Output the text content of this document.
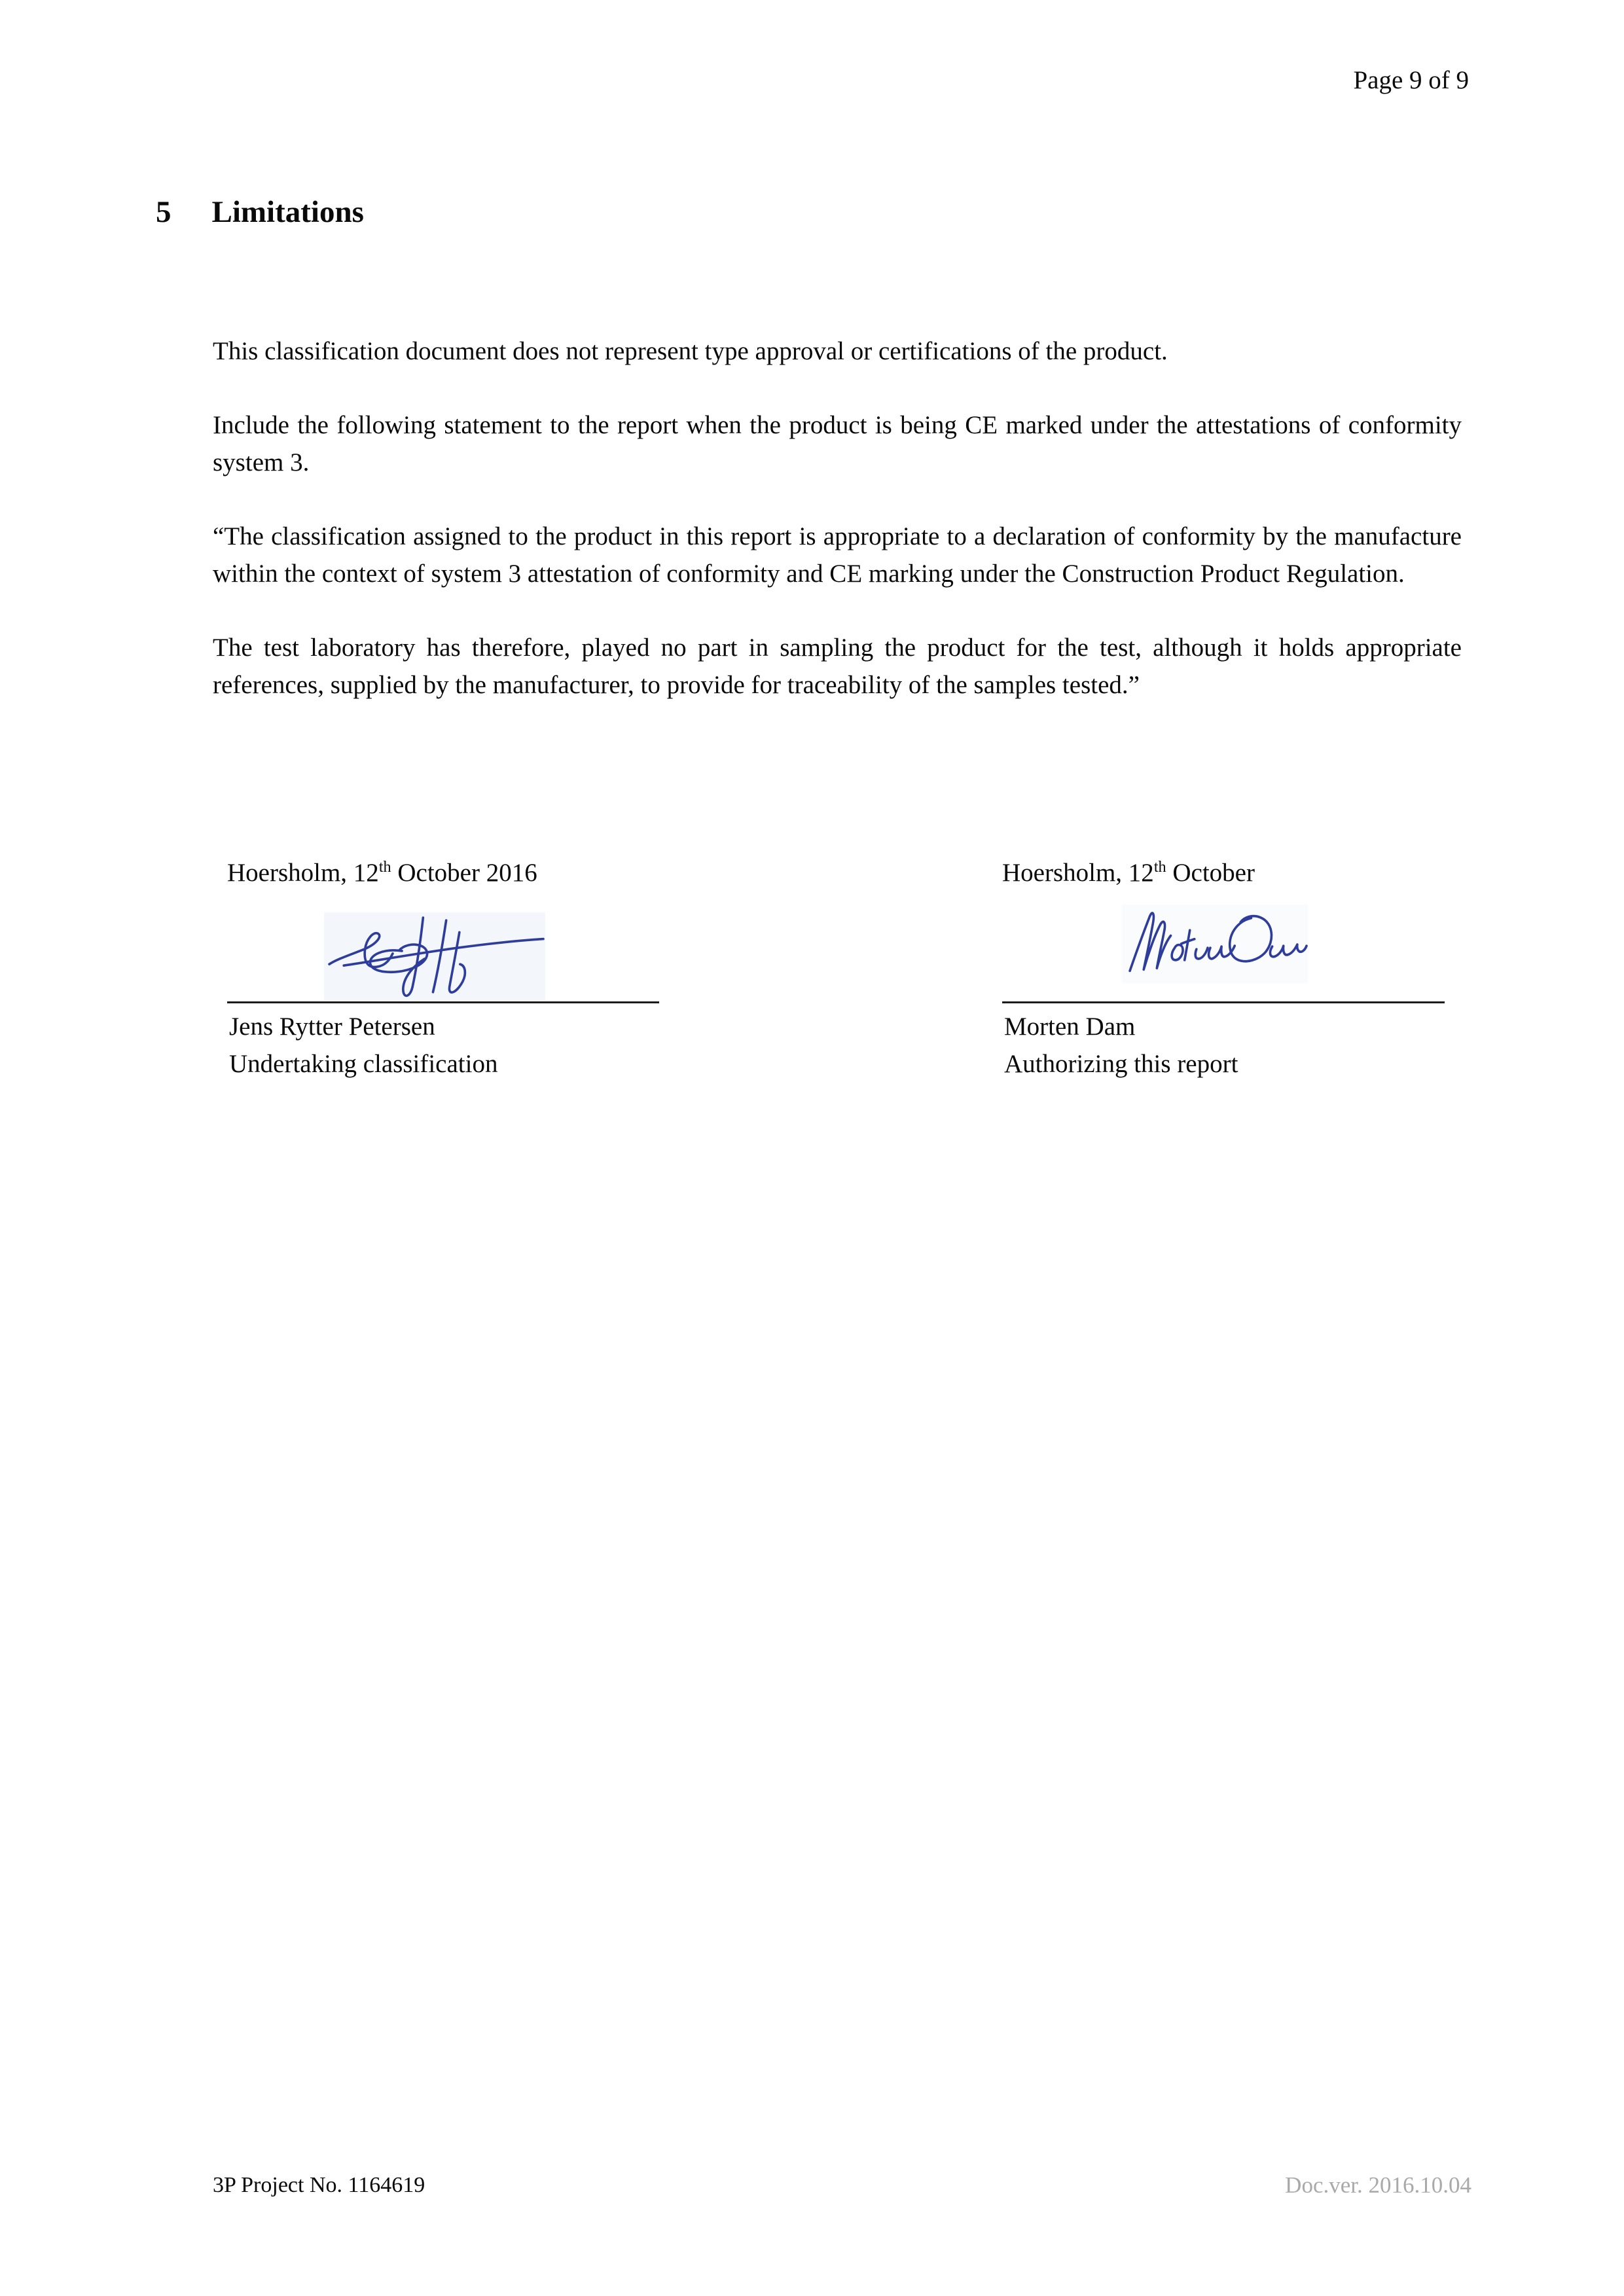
Page 9 of 9
5 Limitations

This classification document does not represent type approval or certifications of the product.

Include the following statement to the report when the product is being CE marked under the attestations of conformity system 3.

“The classification assigned to the product in this report is appropriate to a declaration of conformity by the manufacture within the context of system 3 attestation of conformity and CE marking under the Construction Product Regulation.

The test laboratory has therefore, played no part in sampling the product for the test, although it holds appropriate references, supplied by the manufacturer, to provide for traceability of the samples tested.”

Hoersholm, 12th October 2016
Jens Rytter Petersen
Undertaking classification
Hoersholm, 12th October
Morten Dam
Authorizing this report
3P Project No. 1164619	Doc.ver. 2016.10.04
